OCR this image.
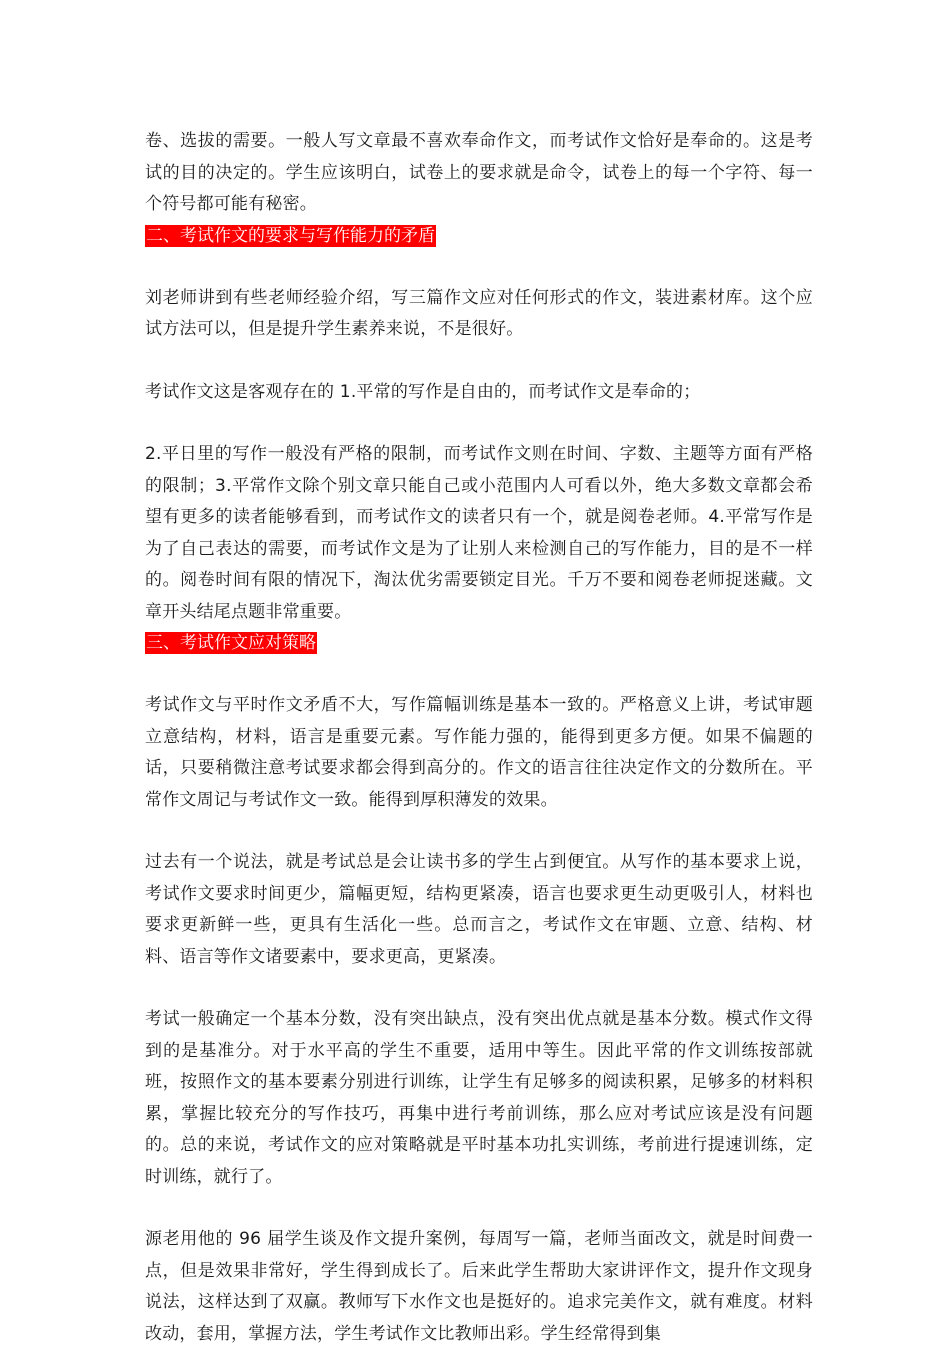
卷、选拔的需要。一般人写文章最不喜欢奉命作文，而考试作文恰好是奉命的。这是考试的目的决定的。学生应该明白，试卷上的要求就是命令，试卷上的每一个字符、每一个符号都可能有秘密。

二、考试作文的要求与写作能力的矛盾

刘老师讲到有些老师经验介绍，写三篇作文应对任何形式的作文，装进素材库。这个应试方法可以，但是提升学生素养来说，不是很好。

考试作文这是客观存在的 1.平常的写作是自由的，而考试作文是奉命的；

2.平日里的写作一般没有严格的限制，而考试作文则在时间、字数、主题等方面有严格的限制；3.平常作文除个别文章只能自己或小范围内人可看以外，绝大多数文章都会希望有更多的读者能够看到，而考试作文的读者只有一个，就是阅卷老师。4.平常写作是为了自己表达的需要，而考试作文是为了让别人来检测自己的写作能力，目的是不一样的。阅卷时间有限的情况下，淘汰优劣需要锁定目光。千万不要和阅卷老师捉迷藏。文章开头结尾点题非常重要。

三、考试作文应对策略

考试作文与平时作文矛盾不大，写作篇幅训练是基本一致的。严格意义上讲，考试审题立意结构，材料，语言是重要元素。写作能力强的，能得到更多方便。如果不偏题的话，只要稍微注意考试要求都会得到高分的。作文的语言往往决定作文的分数所在。平常作文周记与考试作文一致。能得到厚积薄发的效果。

过去有一个说法，就是考试总是会让读书多的学生占到便宜。从写作的基本要求上说，考试作文要求时间更少，篇幅更短，结构更紧凑，语言也要求更生动更吸引人，材料也要求更新鲜一些，更具有生活化一些。总而言之，考试作文在审题、立意、结构、材料、语言等作文诸要素中，要求更高，更紧凑。

考试一般确定一个基本分数，没有突出缺点，没有突出优点就是基本分数。模式作文得到的是基准分。对于水平高的学生不重要，适用中等生。因此平常的作文训练按部就班，按照作文的基本要素分别进行训练，让学生有足够多的阅读积累，足够多的材料积累，掌握比较充分的写作技巧，再集中进行考前训练，那么应对考试应该是没有问题的。总的来说，考试作文的应对策略就是平时基本功扎实训练，考前进行提速训练，定时训练，就行了。

源老用他的 96 届学生谈及作文提升案例，每周写一篇，老师当面改文，就是时间费一点，但是效果非常好，学生得到成长了。后来此学生帮助大家讲评作文，提升作文现身说法，这样达到了双赢。教师写下水作文也是挺好的。追求完美作文，就有难度。材料改动，套用，掌握方法，学生考试作文比教师出彩。学生经常得到集
